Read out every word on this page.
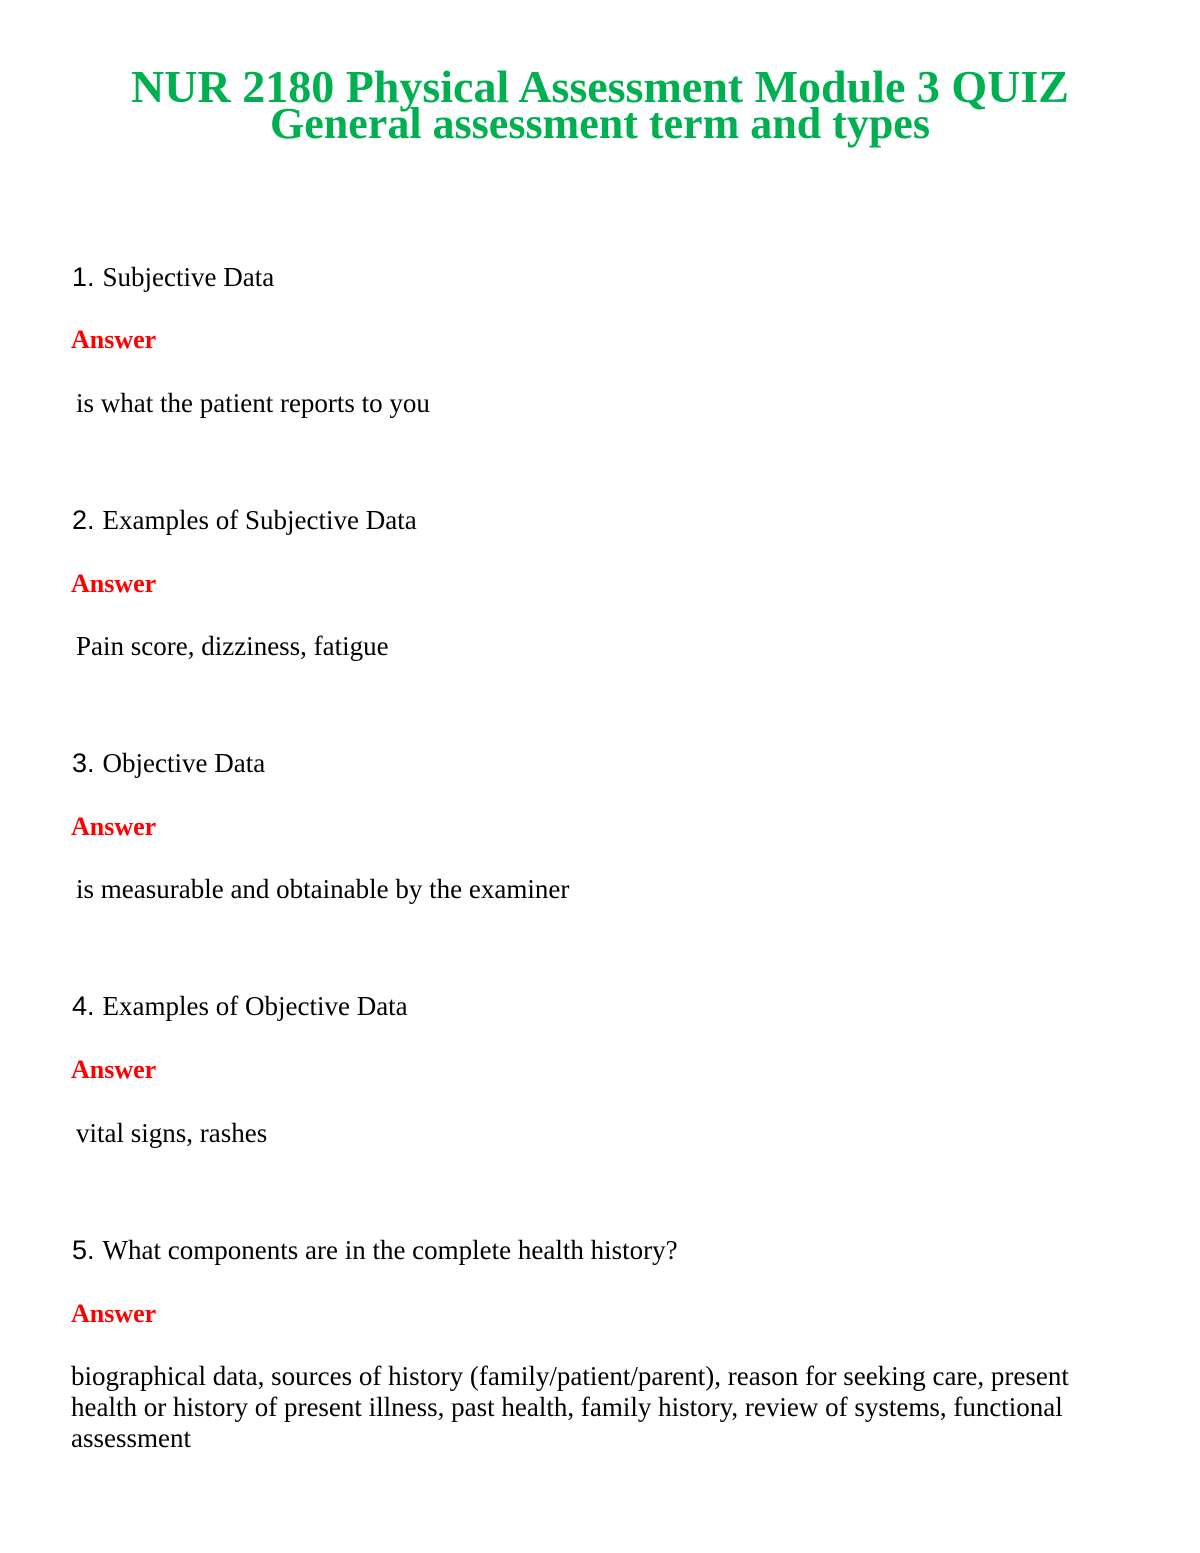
NUR 2180 Physical Assessment Module 3 QUIZ
General assessment term and types
1. Subjective Data
Answer
is what the patient reports to you
2. Examples of Subjective Data
Answer
Pain score, dizziness, fatigue
3. Objective Data
Answer
is measurable and obtainable by the examiner
4. Examples of Objective Data
Answer
vital signs, rashes
5. What components are in the complete health history?
Answer
biographical data, sources of history (family/patient/parent), reason for seeking care, present health or history of present illness, past health, family history, review of systems, functional assessment
